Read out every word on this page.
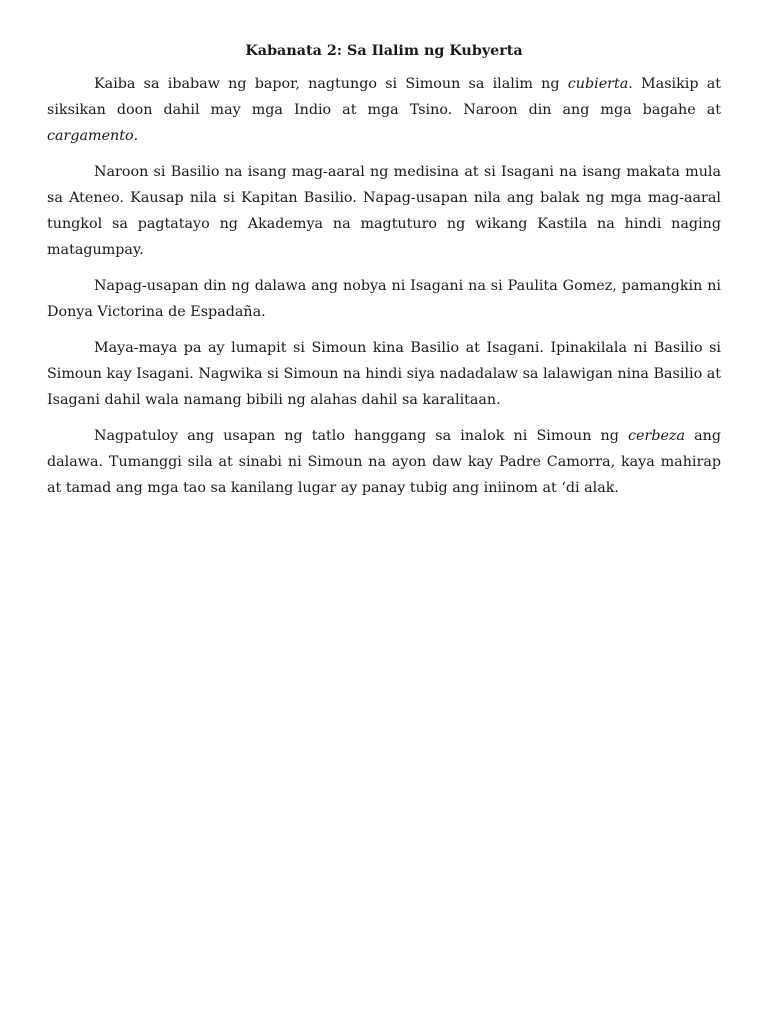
Kabanata 2: Sa Ilalim ng Kubyerta

Kaiba sa ibabaw ng bapor, nagtungo si Simoun sa ilalim ng cubierta. Masikip at siksikan doon dahil may mga Indio at mga Tsino. Naroon din ang mga bagahe at cargamento.

Naroon si Basilio na isang mag-aaral ng medisina at si Isagani na isang makata mula sa Ateneo. Kausap nila si Kapitan Basilio. Napag-usapan nila ang balak ng mga mag-aaral tungkol sa pagtatayo ng Akademya na magtuturo ng wikang Kastila na hindi naging matagumpay.

Napag-usapan din ng dalawa ang nobya ni Isagani na si Paulita Gomez, pamangkin ni Donya Victorina de Espadaña.

Maya-maya pa ay lumapit si Simoun kina Basilio at Isagani. Ipinakilala ni Basilio si Simoun kay Isagani. Nagwika si Simoun na hindi siya nadadalaw sa lalawigan nina Basilio at Isagani dahil wala namang bibili ng alahas dahil sa karalitaan.

Nagpatuloy ang usapan ng tatlo hanggang sa inalok ni Simoun ng cerbeza ang dalawa. Tumanggi sila at sinabi ni Simoun na ayon daw kay Padre Camorra, kaya mahirap at tamad ang mga tao sa kanilang lugar ay panay tubig ang iniinom at ‘di alak.
